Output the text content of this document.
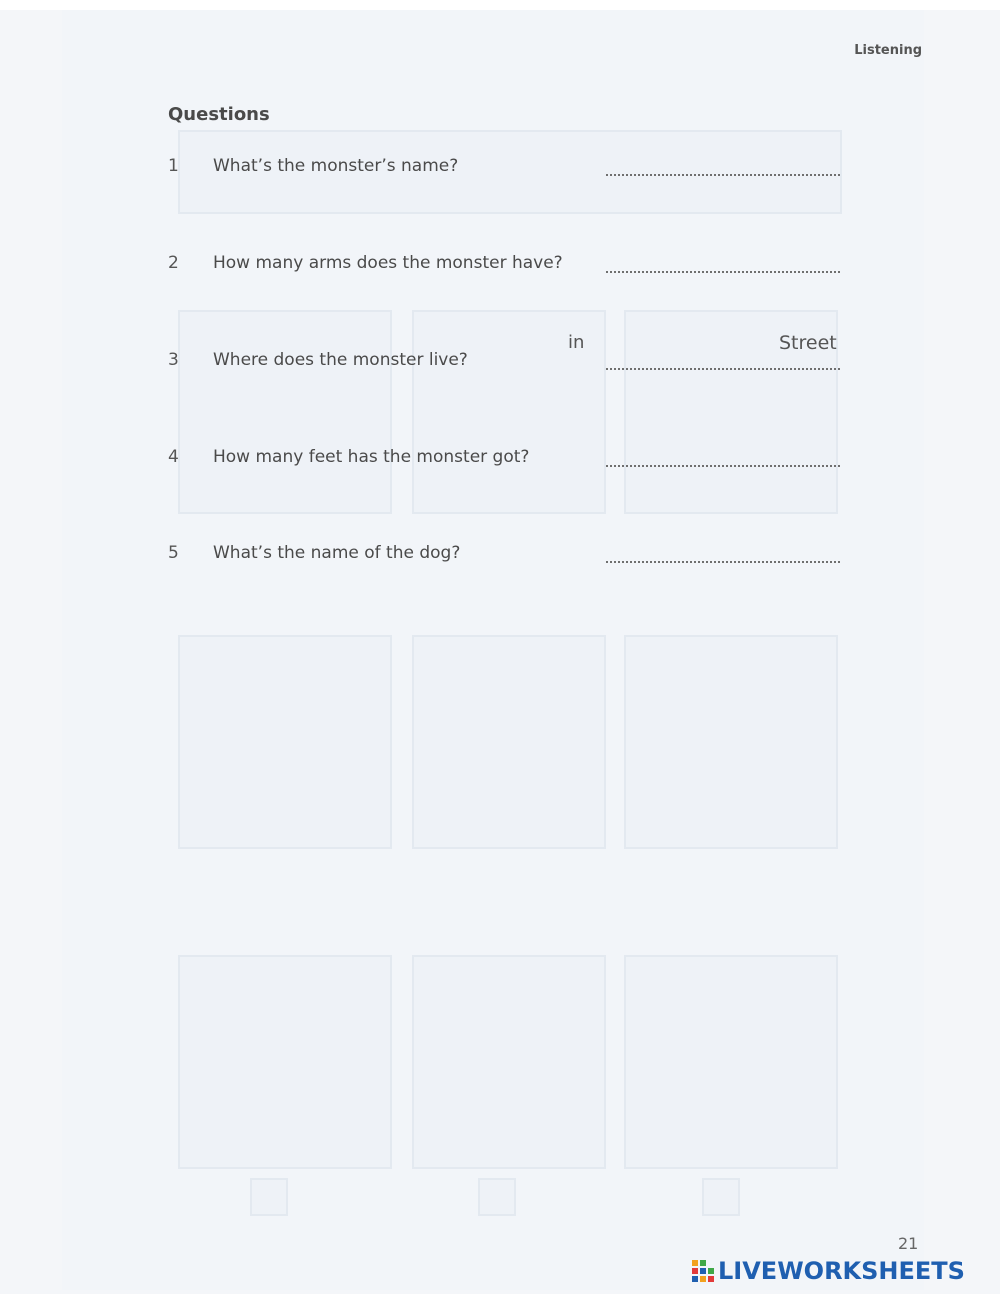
Listening
Questions
1 What’s the monster’s name?
2 How many arms does the monster have?
3 Where does the monster live?
in	Street
4 How many feet has the monster got?
5 What’s the name of the dog?
21
LIVEWORKSHEETS
